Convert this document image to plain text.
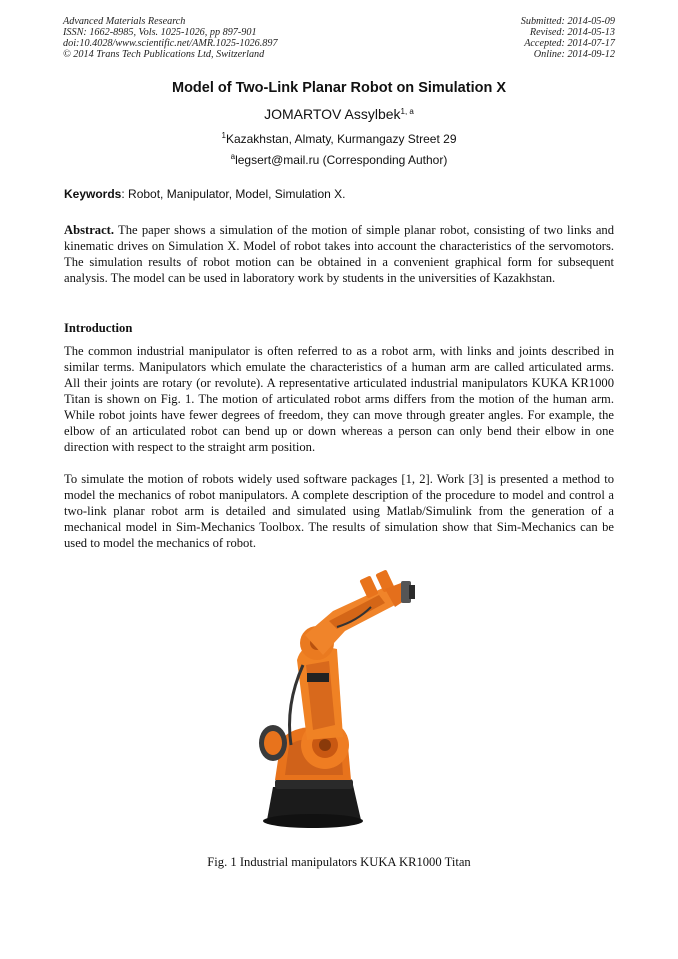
Advanced Materials Research
ISSN: 1662-8985, Vols. 1025-1026, pp 897-901
doi:10.4028/www.scientific.net/AMR.1025-1026.897
© 2014 Trans Tech Publications Ltd, Switzerland
Submitted: 2014-05-09
Revised: 2014-05-13
Accepted: 2014-07-17
Online: 2014-09-12
Model of Two-Link Planar Robot on Simulation X
JOMARTOV Assylbek$^{1, a}$
$^1$Kazakhstan, Almaty, Kurmangazy Street 29
$^a$legsert@mail.ru (Corresponding Author)
Keywords: Robot, Manipulator, Model, Simulation X.
Abstract. The paper shows a simulation of the motion of simple planar robot, consisting of two links and kinematic drives on Simulation X. Model of robot takes into account the characteristics of the servomotors. The simulation results of robot motion can be obtained in a convenient graphical form for subsequent analysis. The model can be used in laboratory work by students in the universities of Kazakhstan.
Introduction
The common industrial manipulator is often referred to as a robot arm, with links and joints described in similar terms. Manipulators which emulate the characteristics of a human arm are called articulated arms. All their joints are rotary (or revolute). A representative articulated industrial manipulators KUKA KR1000 Titan is shown on Fig. 1. The motion of articulated robot arms differs from the motion of the human arm. While robot joints have fewer degrees of freedom, they can move through greater angles. For example, the elbow of an articulated robot can bend up or down whereas a person can only bend their elbow in one direction with respect to the straight arm position.
To simulate the motion of robots widely used software packages [1, 2]. Work [3] is presented a method to model the mechanics of robot manipulators. A complete description of the procedure to model and control a two-link planar robot arm is detailed and simulated using Matlab/Simulink from the generation of a mechanical model in Sim-Mechanics Toolbox. The results of simulation show that Sim-Mechanics can be used to model the mechanics of robot.
Fig. 1 Industrial manipulators KUKA KR1000 Titan
